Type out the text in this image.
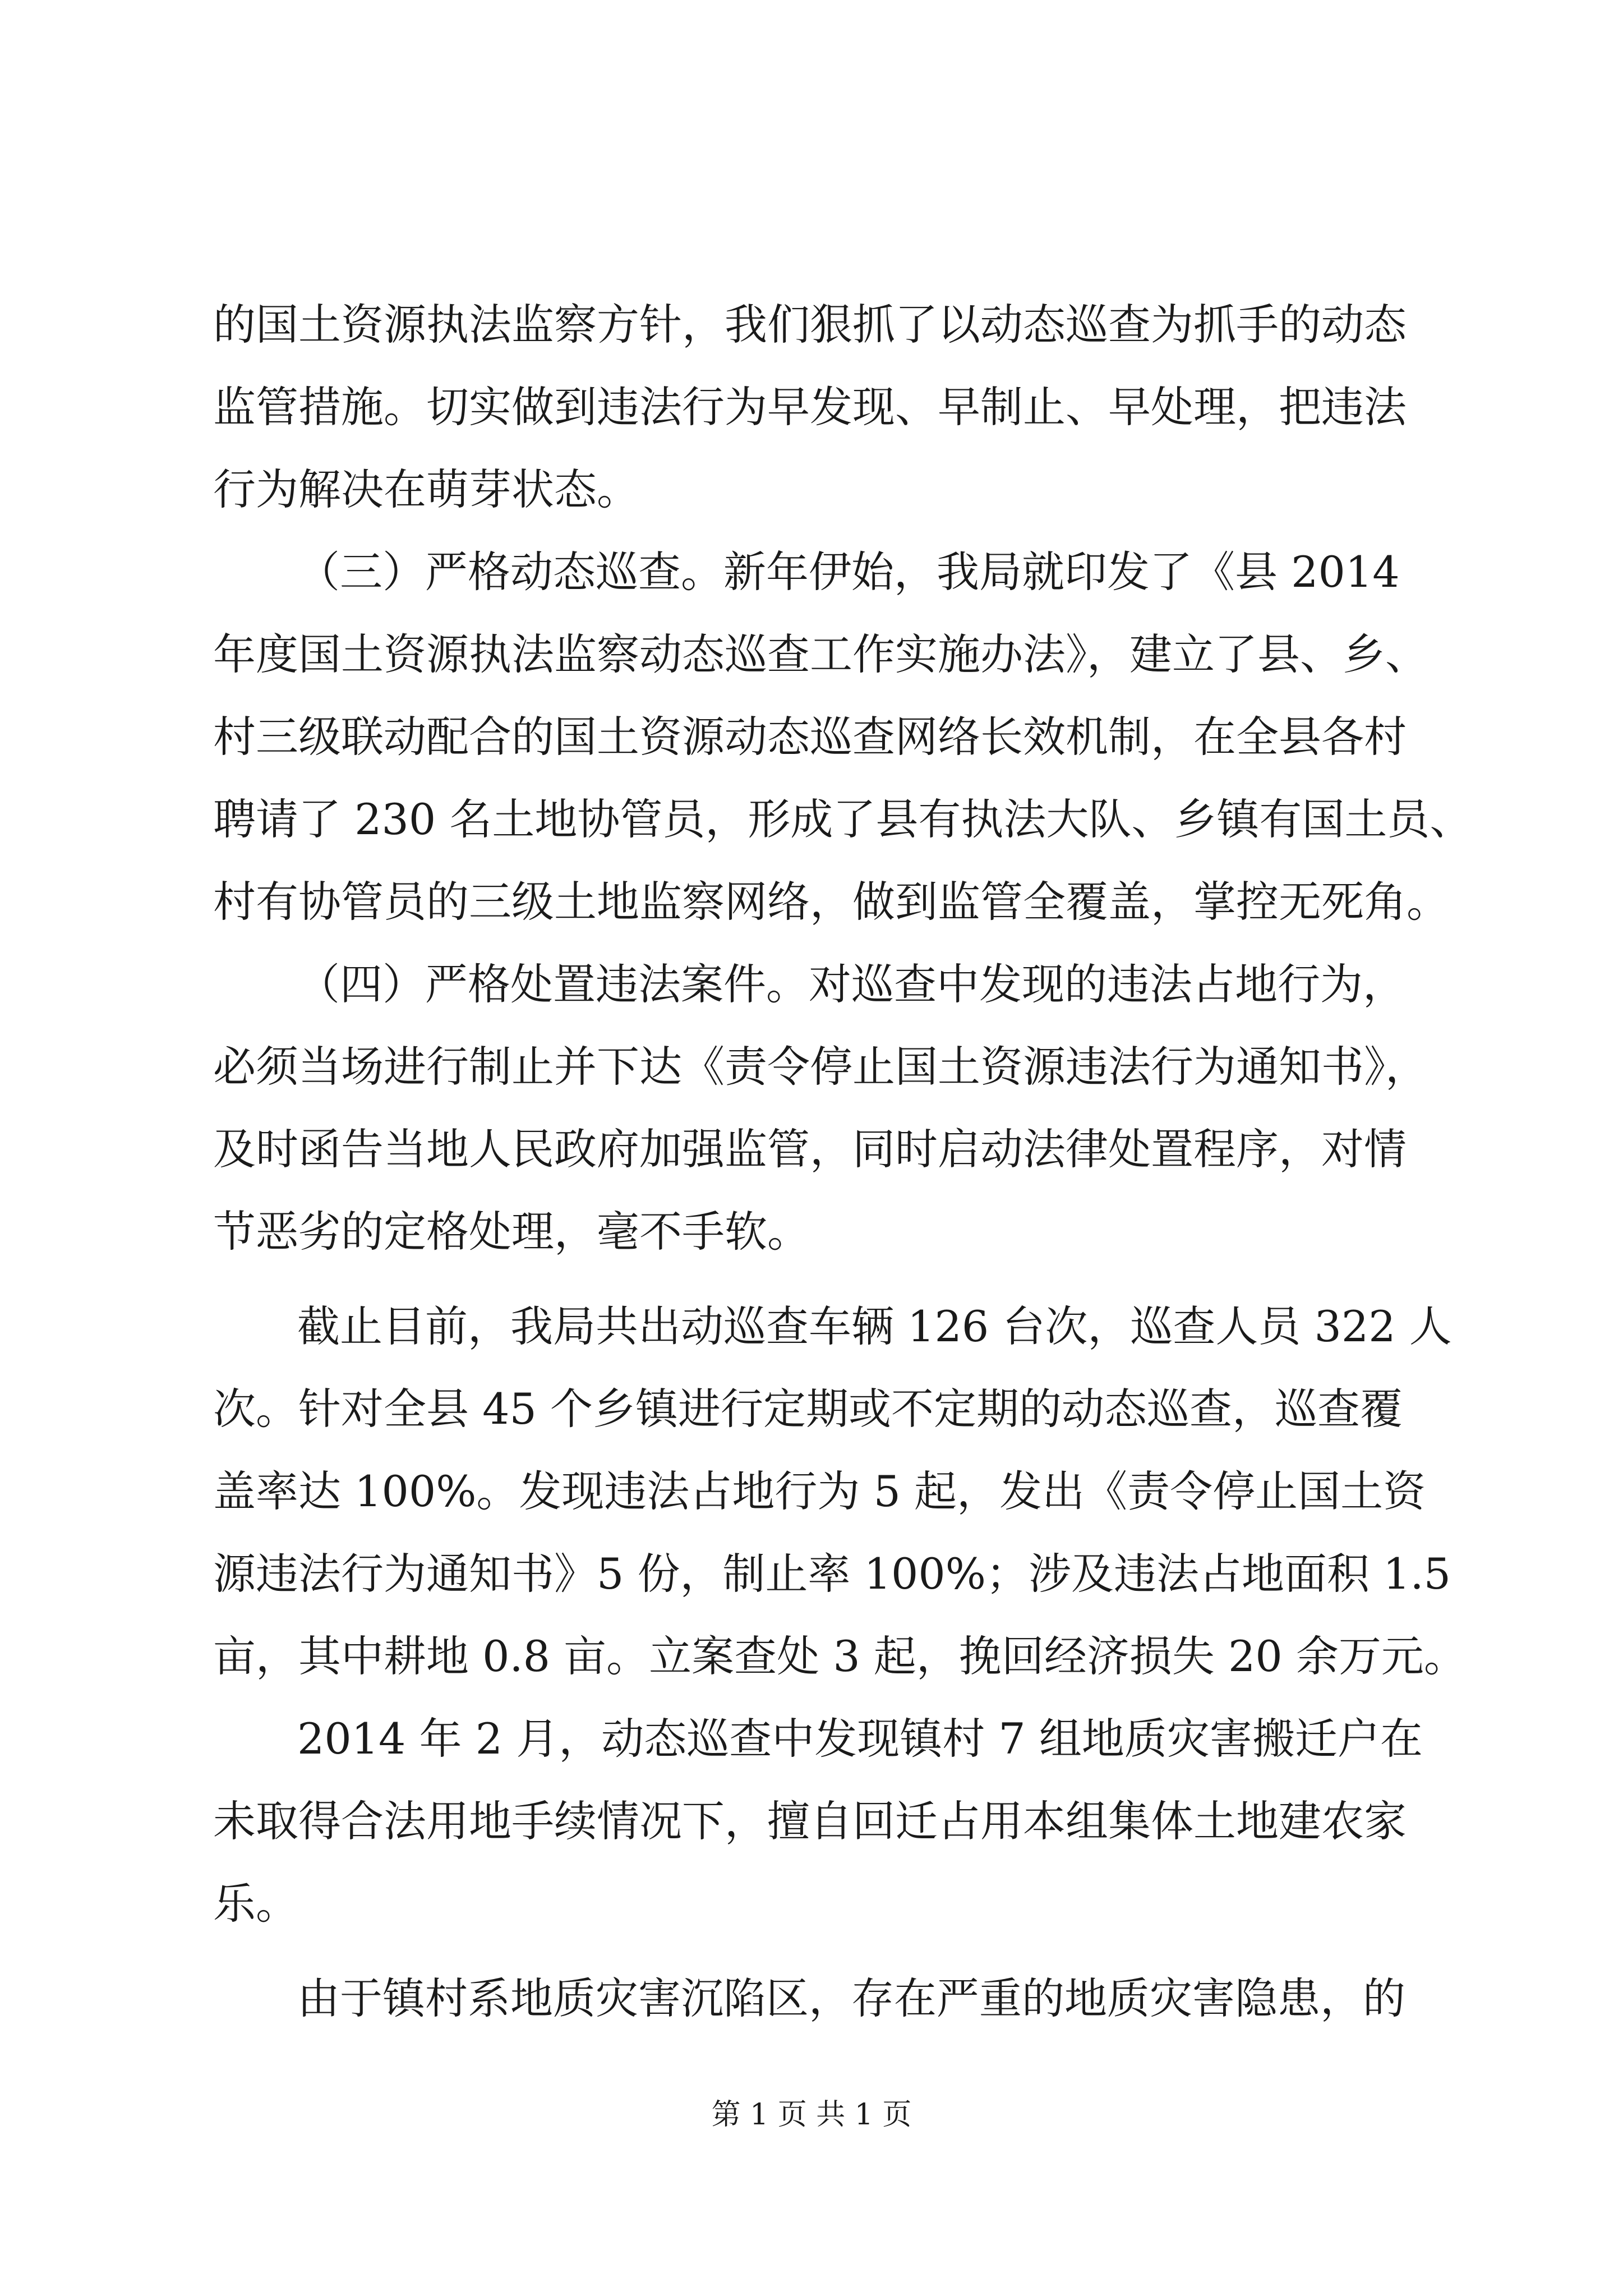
的国土资源执法监察方针，我们狠抓了以动态巡查为抓手的动态
监管措施。切实做到违法行为早发现、早制止、早处理，把违法
行为解决在萌芽状态。
（三）严格动态巡查。新年伊始，我局就印发了《县 2014
年度国土资源执法监察动态巡查工作实施办法》，建立了县、乡、
村三级联动配合的国土资源动态巡查网络长效机制，在全县各村
聘请了 230 名土地协管员，形成了县有执法大队、乡镇有国土员、
村有协管员的三级土地监察网络，做到监管全覆盖，掌控无死角。
（四）严格处置违法案件。对巡查中发现的违法占地行为，
必须当场进行制止并下达《责令停止国土资源违法行为通知书》，
及时函告当地人民政府加强监管，同时启动法律处置程序，对情
节恶劣的定格处理，毫不手软。
截止目前，我局共出动巡查车辆 126 台次，巡查人员 322 人
次。针对全县 45 个乡镇进行定期或不定期的动态巡查，巡查覆
盖率达 100%。发现违法占地行为 5 起，发出《责令停止国土资
源违法行为通知书》5 份，制止率 100%；涉及违法占地面积 1.5
亩，其中耕地 0.8 亩。立案查处 3 起，挽回经济损失 20 余万元。
2014 年 2 月，动态巡查中发现镇村 7 组地质灾害搬迁户在
未取得合法用地手续情况下，擅自回迁占用本组集体土地建农家
乐。
由于镇村系地质灾害沉陷区，存在严重的地质灾害隐患，的
第 1 页 共 1 页
